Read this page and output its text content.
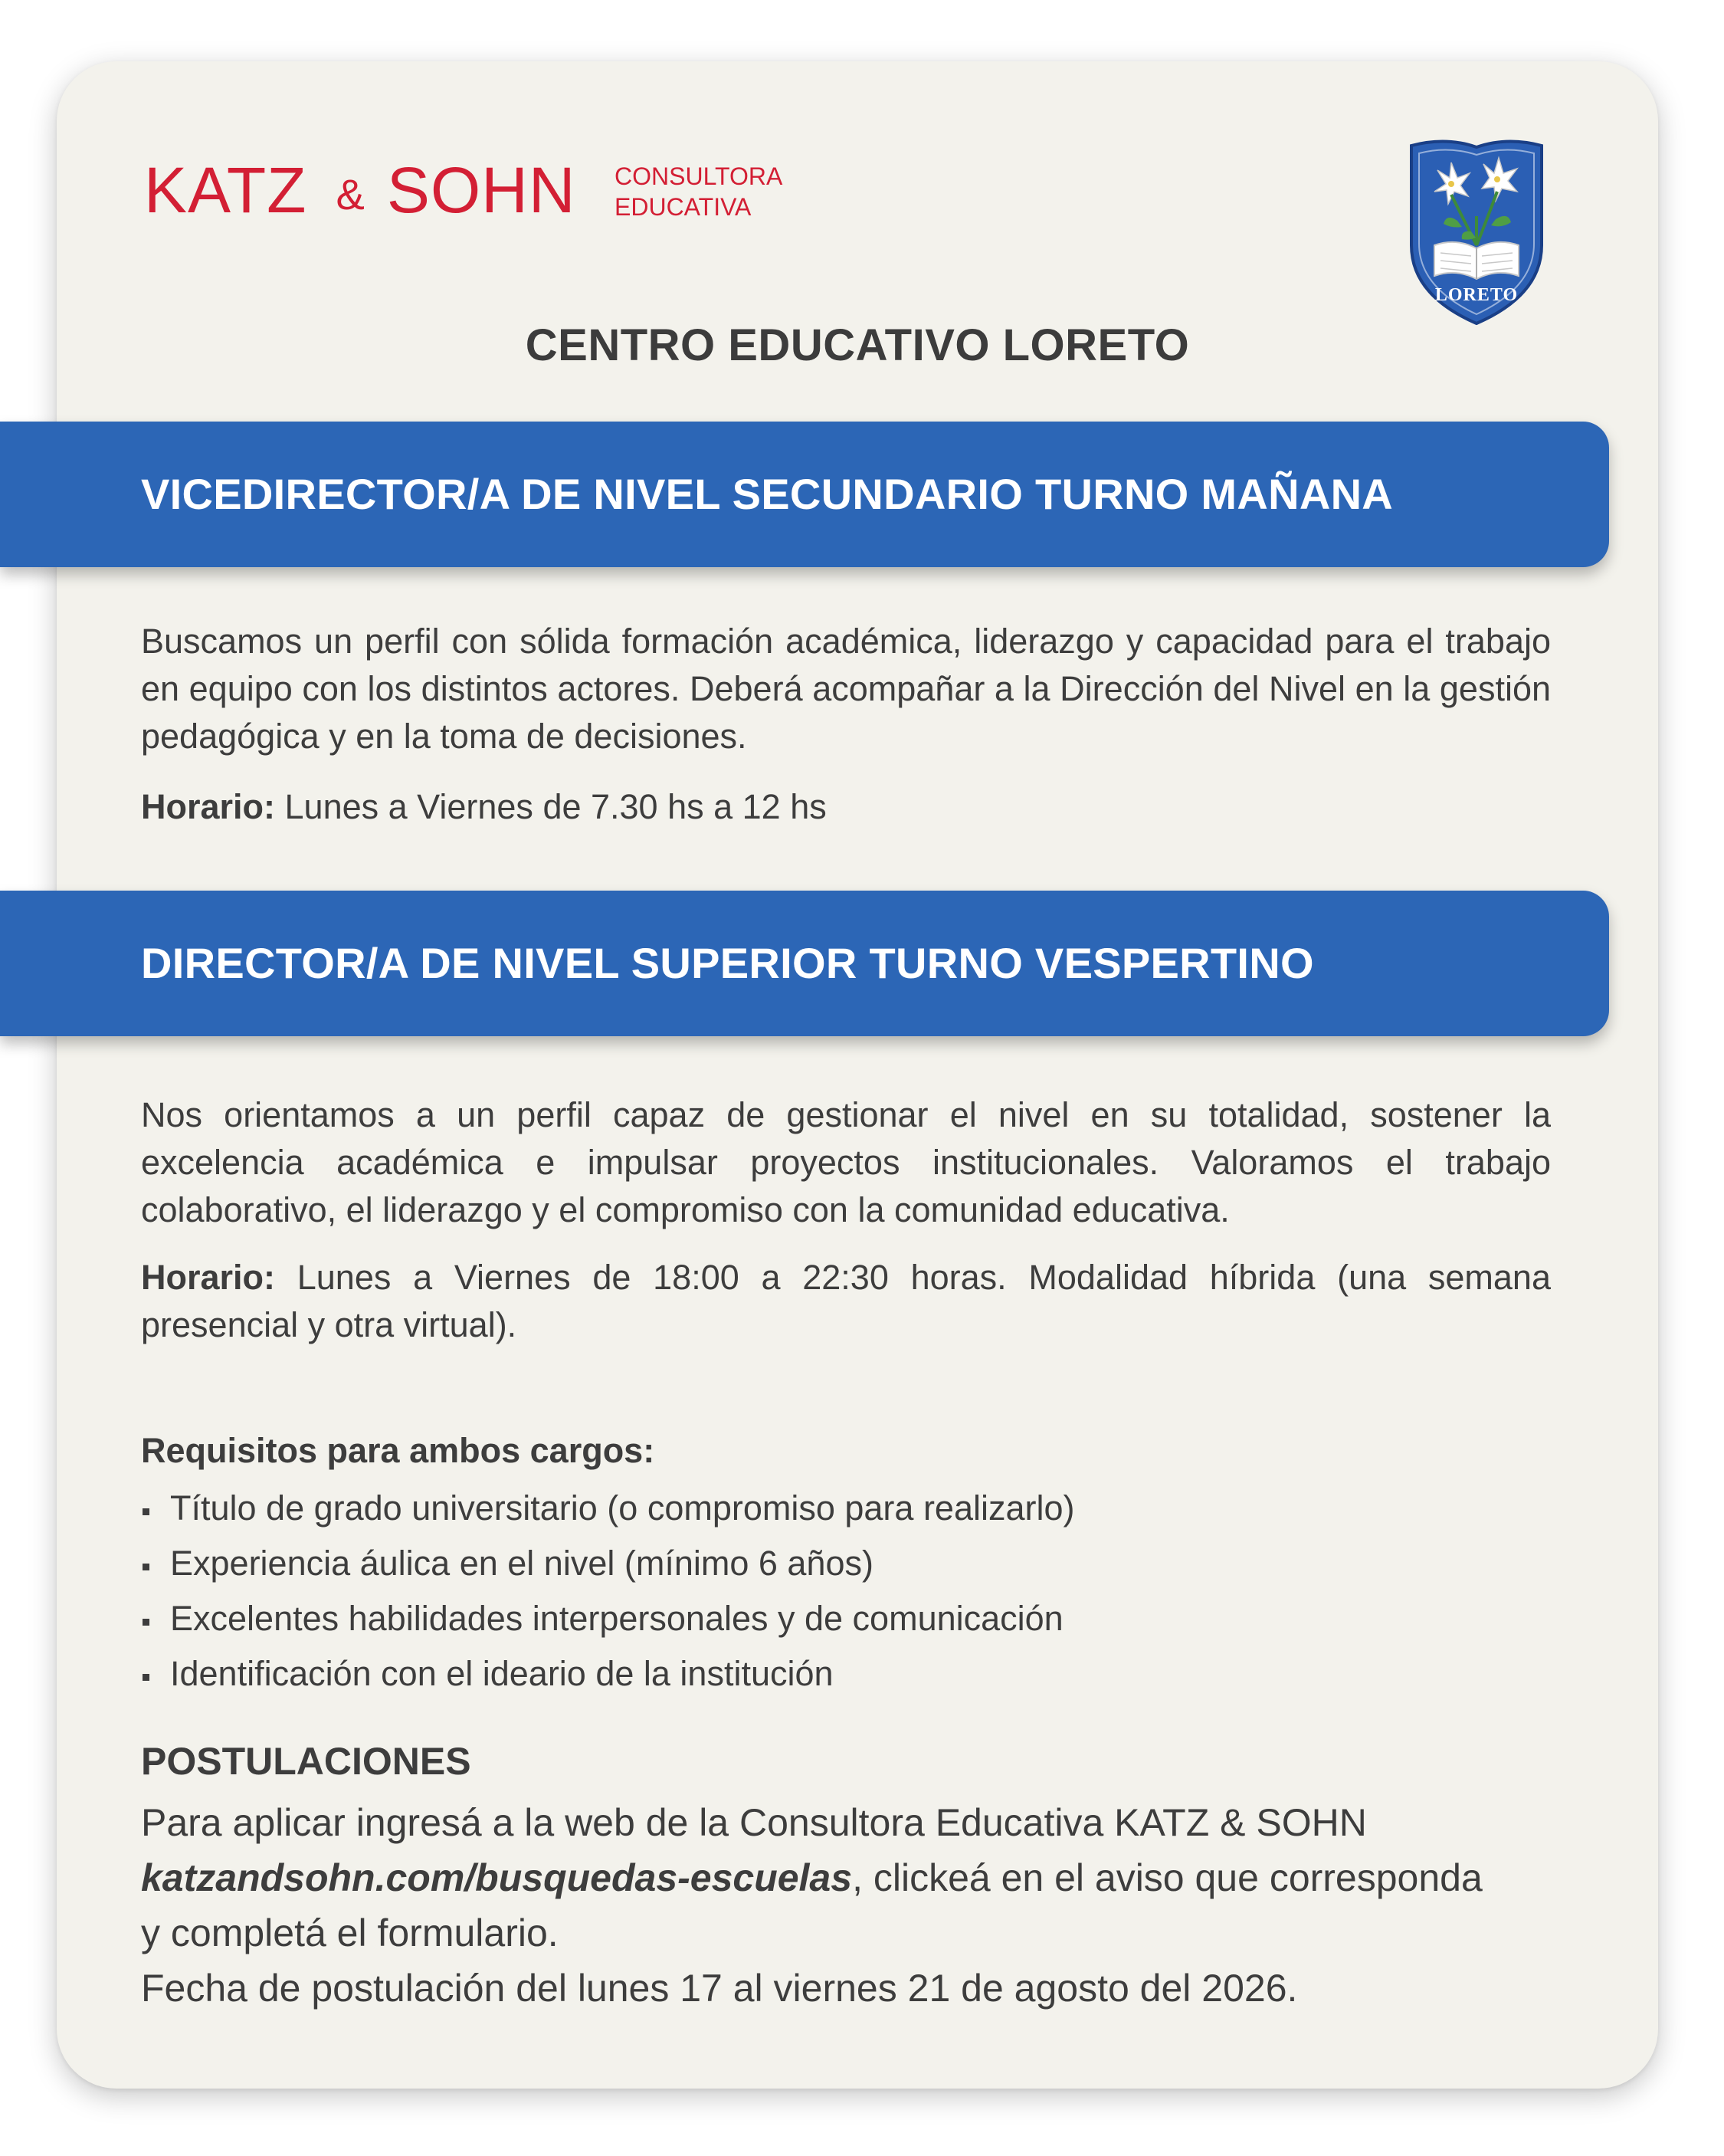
KATZ & SOHN CONSULTORA
EDUCATIVA
LORETO
CENTRO EDUCATIVO LORETO
VICEDIRECTOR/A DE NIVEL SECUNDARIO TURNO MAÑANA
Buscamos un perfil con sólida formación académica, liderazgo y capacidad para el trabajo en equipo con los distintos actores. Deberá acompañar a la Dirección del Nivel en la gestión pedagógica y en la toma de decisiones.
Horario: Lunes a Viernes de 7.30 hs a 12 hs
DIRECTOR/A DE NIVEL SUPERIOR TURNO VESPERTINO
Nos orientamos a un perfil capaz de gestionar el nivel en su totalidad, sostener la excelencia académica e impulsar proyectos institucionales. Valoramos el trabajo colaborativo, el liderazgo y el compromiso con la comunidad educativa.
Horario: Lunes a Viernes de 18:00 a 22:30 horas. Modalidad híbrida (una semana presencial y otra virtual).
Requisitos para ambos cargos:
Título de grado universitario (o compromiso para realizarlo)
Experiencia áulica en el nivel (mínimo 6 años)
Excelentes habilidades interpersonales y de comunicación
Identificación con el ideario de la institución
POSTULACIONES
Para aplicar ingresá a la web de la Consultora Educativa KATZ & SOHN
katzandsohn.com/busquedas-escuelas, clickeá en el aviso que corresponda
y completá el formulario.
Fecha de postulación del lunes 17 al viernes 21 de agosto del 2026.
